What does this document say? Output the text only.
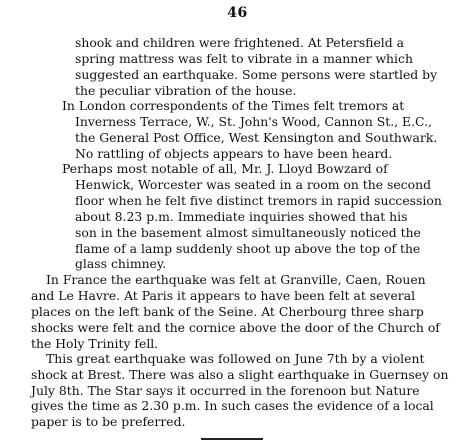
46
shook and children were frightened. At Petersfield a
spring mattress was felt to vibrate in a manner which
suggested an earthquake. Some persons were startled by
the peculiar vibration of the house.
In London correspondents of the Times felt tremors at
Inverness Terrace, W., St. John's Wood, Cannon St., E.C.,
the General Post Office, West Kensington and Southwark.
No rattling of objects appears to have been heard.
Perhaps most notable of all, Mr. J. Lloyd Bowzard of
Henwick, Worcester was seated in a room on the second
floor when he felt five distinct tremors in rapid succession
about 8.23 p.m. Immediate inquiries showed that his
son in the basement almost simultaneously noticed the
flame of a lamp suddenly shoot up above the top of the
glass chimney.
In France the earthquake was felt at Granville, Caen, Rouen
and Le Havre. At Paris it appears to have been felt at several
places on the left bank of the Seine. At Cherbourg three sharp
shocks were felt and the cornice above the door of the Church of
the Holy Trinity fell.
This great earthquake was followed on June 7th by a violent
shock at Brest. There was also a slight earthquake in Guernsey on
July 8th. The Star says it occurred in the forenoon but Nature
gives the time as 2.30 p.m. In such cases the evidence of a local
paper is to be preferred.
